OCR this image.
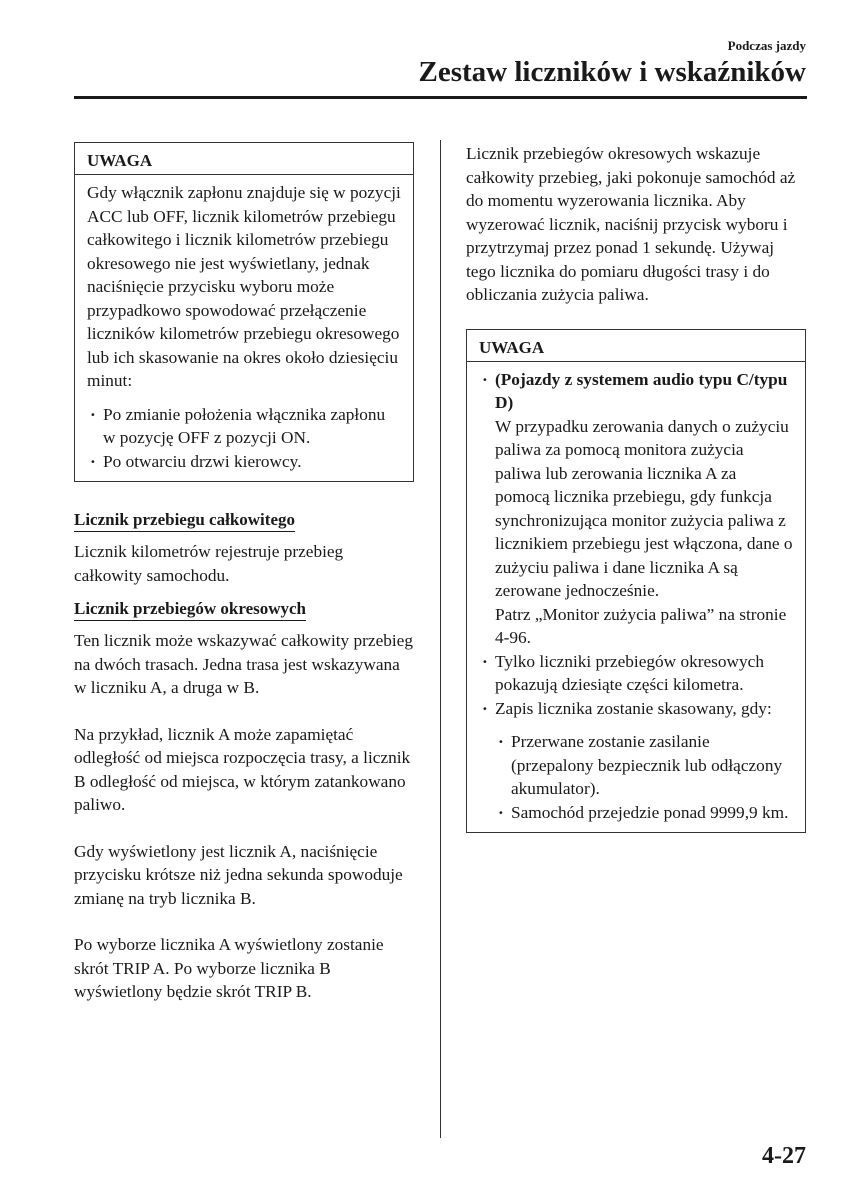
Podczas jazdy
Zestaw liczników i wskaźników
UWAGA

Gdy włącznik zapłonu znajduje się w pozycji ACC lub OFF, licznik kilometrów przebiegu całkowitego i licznik kilometrów przebiegu okresowego nie jest wyświetlany, jednak naciśnięcie przycisku wyboru może przypadkowo spowodować przełączenie liczników kilometrów przebiegu okresowego lub ich skasowanie na okres około dziesięciu minut:

· Po zmianie położenia włącznika zapłonu w pozycję OFF z pozycji ON.
· Po otwarciu drzwi kierowcy.
Licznik przebiegu całkowitego

Licznik kilometrów rejestruje przebieg całkowity samochodu.

Licznik przebiegów okresowych

Ten licznik może wskazywać całkowity przebieg na dwóch trasach. Jedna trasa jest wskazywana w liczniku A, a druga w B.

Na przykład, licznik A może zapamiętać odległość od miejsca rozpoczęcia trasy, a licznik B odległość od miejsca, w którym zatankowano paliwo.

Gdy wyświetlony jest licznik A, naciśnięcie przycisku krótsze niż jedna sekunda spowoduje zmianę na tryb licznika B.

Po wyborze licznika A wyświetlony zostanie skrót TRIP A. Po wyborze licznika B wyświetlony będzie skrót TRIP B.

Licznik przebiegów okresowych wskazuje całkowity przebieg, jaki pokonuje samochód aż do momentu wyzerowania licznika. Aby wyzerować licznik, naciśnij przycisk wyboru i przytrzymaj przez ponad 1 sekundę. Używaj tego licznika do pomiaru długości trasy i do obliczania zużycia paliwa.

UWAGA
· (Pojazdy z systemem audio typu C/typu D)
W przypadku zerowania danych o zużyciu paliwa za pomocą monitora zużycia paliwa lub zerowania licznika A za pomocą licznika przebiegu, gdy funkcja synchronizująca monitor zużycia paliwa z licznikiem przebiegu jest włączona, dane o zużyciu paliwa i dane licznika A są zerowane jednocześnie.
Patrz „Monitor zużycia paliwa” na stronie 4-96.
· Tylko liczniki przebiegów okresowych pokazują dziesiąte części kilometra.
· Zapis licznika zostanie skasowany, gdy:
· Przerwane zostanie zasilanie (przepalony bezpiecznik lub odłączony akumulator).
· Samochód przejedzie ponad 9999,9 km.
4-27
